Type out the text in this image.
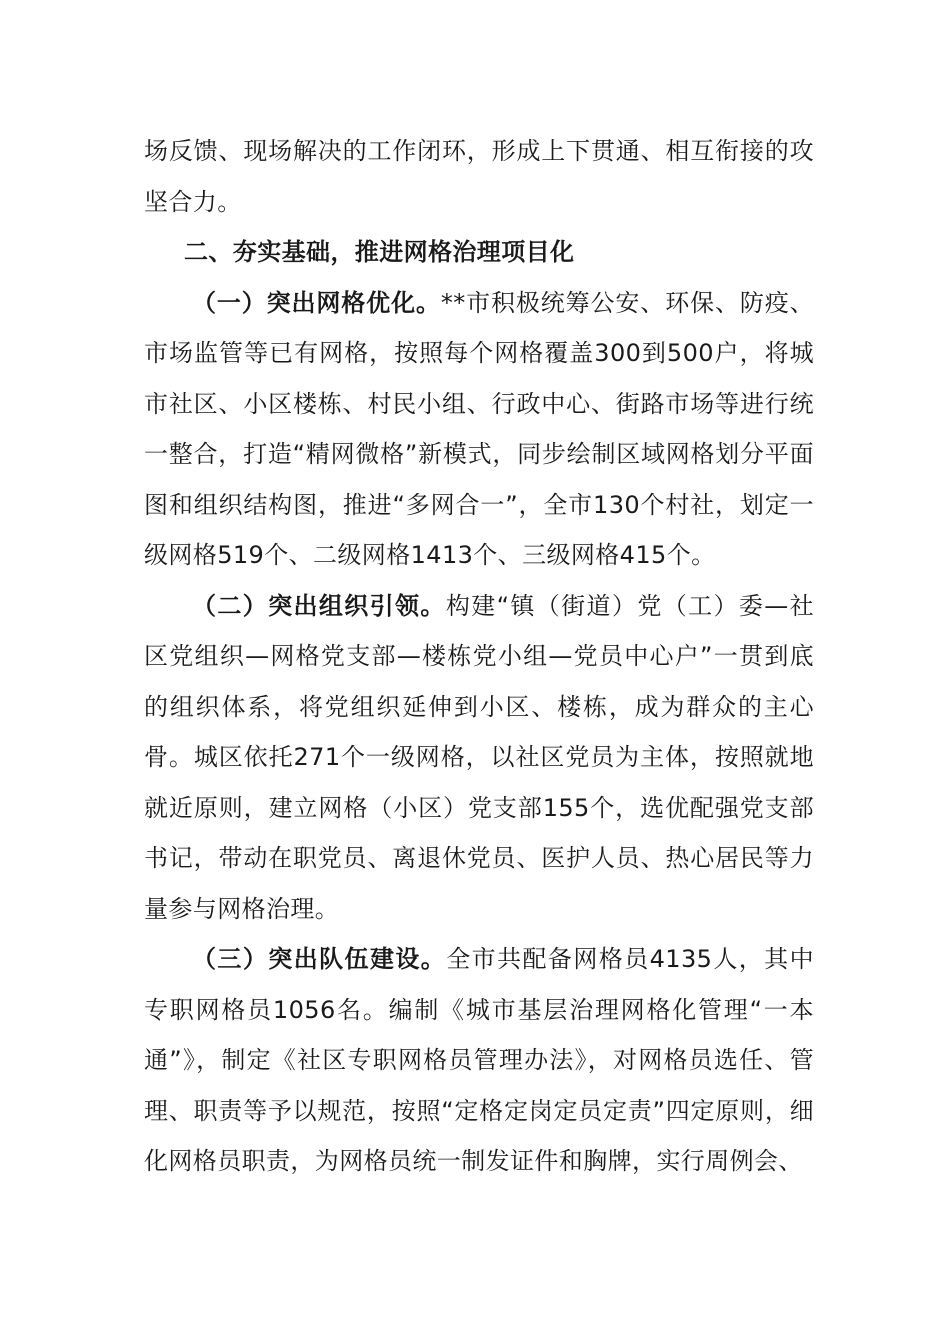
场反馈、现场解决的工作闭环，形成上下贯通、相互衔接的攻坚合力。

二、夯实基础，推进网格治理项目化

（一）突出网格优化。**市积极统筹公安、环保、防疫、市场监管等已有网格，按照每个网格覆盖300到500户，将城市社区、小区楼栋、村民小组、行政中心、街路市场等进行统一整合，打造“精网微格”新模式，同步绘制区域网格划分平面图和组织结构图，推进“多网合一”，全市130个村社，划定一级网格519个、二级网格1413个、三级网格415个。

（二）突出组织引领。构建“镇（街道）党（工）委—社区党组织—网格党支部—楼栋党小组—党员中心户”一贯到底的组织体系，将党组织延伸到小区、楼栋，成为群众的主心骨。城区依托271个一级网格，以社区党员为主体，按照就地就近原则，建立网格（小区）党支部155个，选优配强党支部书记，带动在职党员、离退休党员、医护人员、热心居民等力量参与网格治理。

（三）突出队伍建设。全市共配备网格员4135人，其中专职网格员1056名。编制《城市基层治理网格化管理“一本通”》，制定《社区专职网格员管理办法》，对网格员选任、管理、职责等予以规范，按照“定格定岗定员定责”四定原则，细化网格员职责，为网格员统一制发证件和胸牌，实行周例会、
